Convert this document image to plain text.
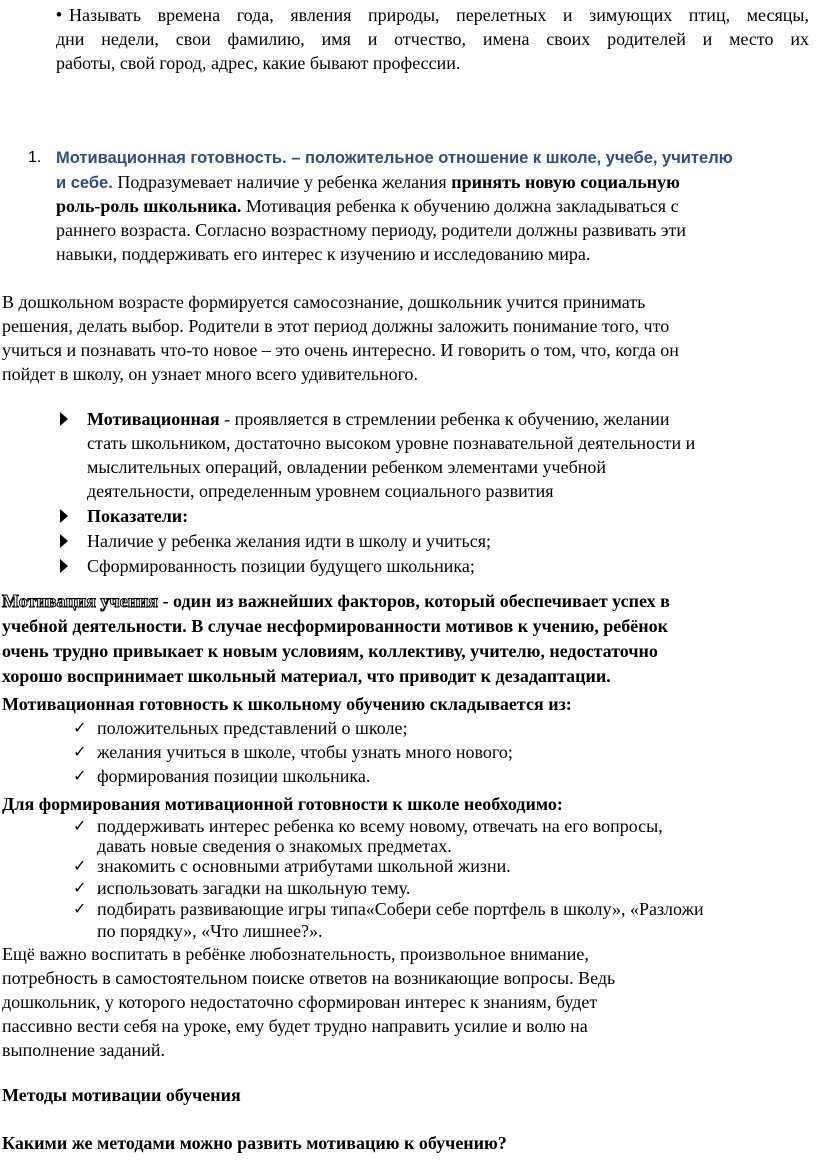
• Называть времена года, явления природы, перелетных и зимующих птиц, месяцы,
дни недели, свои фамилию, имя и отчество, имена своих родителей и место их
работы, свой город, адрес, какие бывают профессии.
1. Мотивационная готовность. – положительное отношение к школе, учебе, учителю
и себе. Подразумевает наличие у ребенка желания принять новую социальную
роль-роль школьника. Мотивация ребенка к обучению должна закладываться с
раннего возраста. Согласно возрастному периоду, родители должны развивать эти
навыки, поддерживать его интерес к изучению и исследованию мира.
В дошкольном возрасте формируется самосознание, дошкольник учится принимать
решения, делать выбор. Родители в этот период должны заложить понимание того, что
учиться и познавать что-то новое – это очень интересно. И говорить о том, что, когда он
пойдет в школу, он узнает много всего удивительного.
Мотивационная - проявляется в стремлении ребенка к обучению, желании
стать школьником, достаточно высоком уровне познавательной деятельности и
мыслительных операций, овладении ребенком элементами учебной
деятельности, определенным уровнем социального развития
Показатели:
Наличие у ребенка желания идти в школу и учиться;
Сформированность позиции будущего школьника;
Мотивация учения - один из важнейших факторов, который обеспечивает успех в
учебной деятельности. В случае несформированности мотивов к учению, ребёнок
очень трудно привыкает к новым условиям, коллективу, учителю, недостаточно
хорошо воспринимает школьный материал, что приводит к дезадаптации.
Мотивационная готовность к школьному обучению складывается из:
✓ положительных представлений о школе;
✓ желания учиться в школе, чтобы узнать много нового;
✓ формирования позиции школьника.
Для формирования мотивационной готовности к школе необходимо:
✓ поддерживать интерес ребенка ко всему новому, отвечать на его вопросы,
давать новые сведения о знакомых предметах.
✓ знакомить с основными атрибутами школьной жизни.
✓ использовать загадки на школьную тему.
✓ подбирать развивающие игры типа«Собери себе портфель в школу», «Разложи
по порядку», «Что лишнее?».
Ещё важно воспитать в ребёнке любознательность, произвольное внимание,
потребность в самостоятельном поиске ответов на возникающие вопросы. Ведь
дошкольник, у которого недостаточно сформирован интерес к знаниям, будет
пассивно вести себя на уроке, ему будет трудно направить усилие и волю на
выполнение заданий.
Методы мотивации обучения
Какими же методами можно развить мотивацию к обучению?
